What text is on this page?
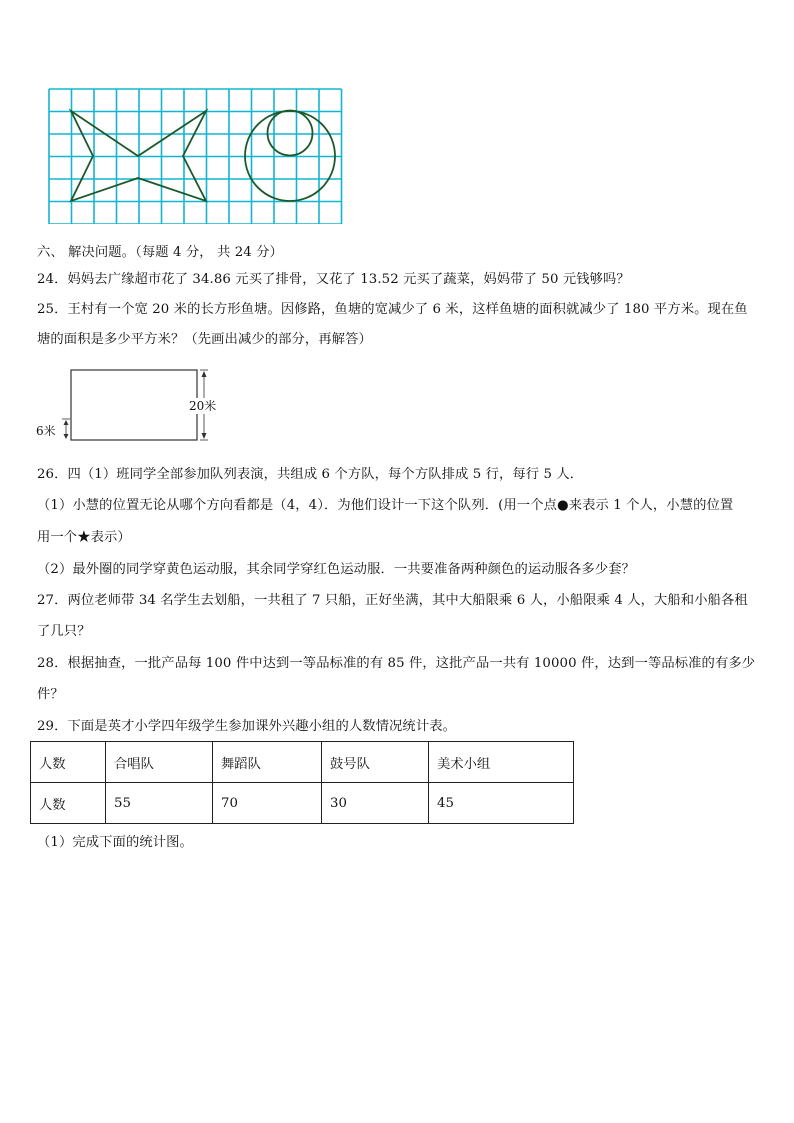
六、 解决问题。（每题 4 分， 共 24 分）
24．妈妈去广缘超市花了 34.86 元买了排骨，又花了 13.52 元买了蔬菜，妈妈带了 50 元钱够吗？
25．王村有一个宽 20 米的长方形鱼塘。因修路，鱼塘的宽减少了 6 米，这样鱼塘的面积就减少了 180 平方米。现在鱼
塘的面积是多少平方米？（先画出减少的部分，再解答）
20米
6米
26．四（1）班同学全部参加队列表演，共组成 6 个方队，每个方队排成 5 行，每行 5 人．
（1）小慧的位置无论从哪个方向看都是（4，4）．为他们设计一下这个队列．(用一个点●来表示 1 个人，小慧的位置
用一个★表示）
（2）最外圈的同学穿黄色运动服，其余同学穿红色运动服．一共要准备两种颜色的运动服各多少套？
27．两位老师带 34 名学生去划船，一共租了 7 只船，正好坐满，其中大船限乘 6 人，小船限乘 4 人，大船和小船各租
了几只？
28．根据抽查，一批产品每 100 件中达到一等品标准的有 85 件，这批产品一共有 10000 件，达到一等品标准的有多少
件？
29．下面是英才小学四年级学生参加课外兴趣小组的人数情况统计表。
人数	合唱队	舞蹈队	鼓号队	美术小组
人数	55	70	30	45
（1）完成下面的统计图。
